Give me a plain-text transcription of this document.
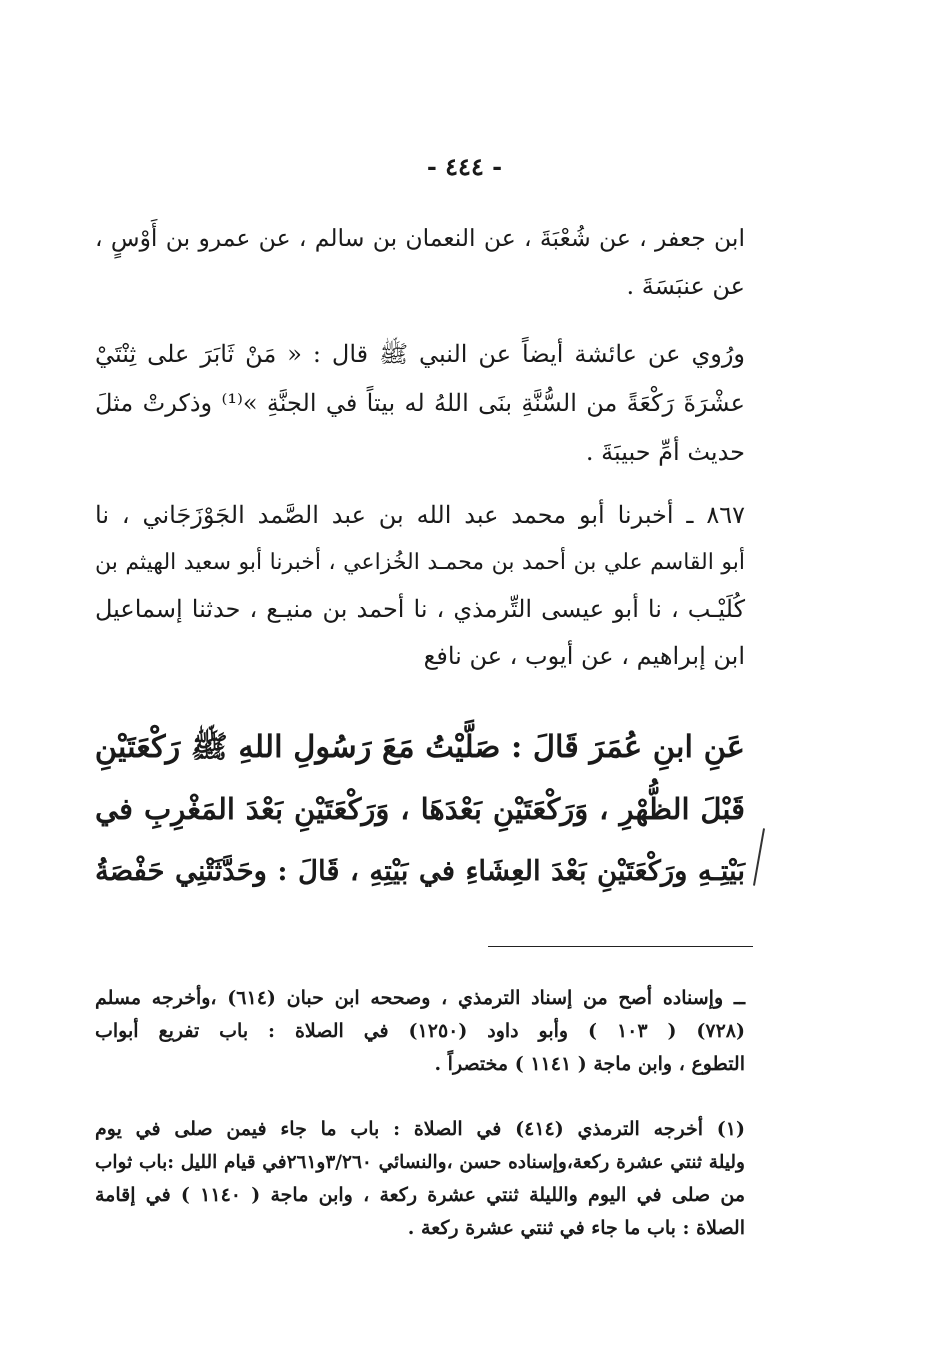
- ٤٤٤ -
ابن جعفر ، عن شُعْبَةَ ، عن النعمان بن سالم ، عن عمرو بن أَوْسٍ ،
عن عنبَسَةَ .
ورُوي عن عائشة أيضاً عن النبي ﷺ قال : « مَنْ ثَابَرَ على ثِنْتَيْ
عشْرَةَ رَكْعَةً من السُّنَّةِ بنَى اللهُ له بيتاً في الجنَّةِ »⁽¹⁾ وذكرتْ مثلَ
حديث أمِّ حبيبَةَ .
٨٦٧ ـ أخبرنا أبو محمد عبد الله بن عبد الصَّمد الجَوْزَجَاني ، نا
أبو القاسم علي بن أحمد بن محمـد الخُزاعي ، أخبرنا أبو سعيد الهيثم بن
كُلَيْـب ، نا أبو عيسى التِّرمذي ، نا أحمد بن منيـع ، حدثنا إسماعيل
ابن إبراهيم ، عن أيوب ، عن نافع
عَنِ ابنِ عُمَرَ قَالَ : صَلَّيْتُ مَعَ رَسُولِ اللهِ ﷺ رَكْعَتَيْنِ
قَبْلَ الظُّهْرِ ، وَرَكْعَتَيْنِ بَعْدَهَا ، وَرَكْعَتَيْنِ بَعْدَ المَغْرِبِ في
بَيْتِـهِ ورَكْعَتَيْنِ بَعْدَ العِشَاءِ في بَيْتِهِ ، قَالَ : وحَدَّثَتْنِي حَفْصَةُ
ــ وإسناده أصح من إسناد الترمذي ، وصححه ابن حبان (٦١٤) ،وأخرجه مسلم
(٧٢٨) ( ١٠٣ ) وأبو داود (١٢٥٠) في الصلاة : باب تفريع أبواب
التطوع ، وابن ماجة ( ١١٤١ ) مختصراً .
(١) أخرجه الترمذي (٤١٤) في الصلاة : باب ما جاء فيمن صلى في يوم
وليلة ثنتي عشرة ركعة،وإسناده حسن ،والنسائي ٣/٢٦٠و٢٦١في قيام الليل :باب ثواب
من صلى في اليوم والليلة ثنتي عشرة ركعة ، وابن ماجة ( ١١٤٠ ) في إقامة
الصلاة : باب ما جاء في ثنتي عشرة ركعة .
